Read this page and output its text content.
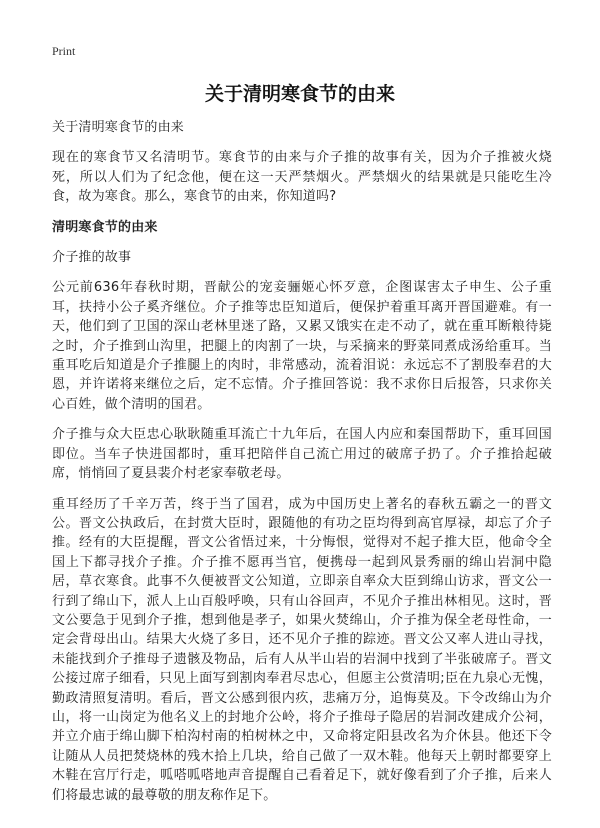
Print
关于清明寒食节的由来

关于清明寒食节的由来

现在的寒食节又名清明节。寒食节的由来与介子推的故事有关，因为介子推被火烧死，所以人们为了纪念他，便在这一天严禁烟火。严禁烟火的结果就是只能吃生冷食，故为寒食。那么，寒食节的由来，你知道吗?

清明寒食节的由来

介子推的故事

公元前636年春秋时期，晋献公的宠妾骊姬心怀歹意，企图谋害太子申生、公子重耳，扶持小公子奚齐继位。介子推等忠臣知道后，便保护着重耳离开晋国避难。有一天，他们到了卫国的深山老林里迷了路，又累又饿实在走不动了，就在重耳断粮待毙之时，介子推到山沟里，把腿上的肉割了一块，与采摘来的野菜同煮成汤给重耳。当重耳吃后知道是介子推腿上的肉时，非常感动，流着泪说：永远忘不了割股奉君的大恩，并许诺将来继位之后，定不忘情。介子推回答说：我不求你日后报答，只求你关心百姓，做个清明的国君。

介子推与众大臣忠心耿耿随重耳流亡十九年后，在国人内应和秦国帮助下，重耳回国即位。当车子快进国都时，重耳把陪伴自己流亡用过的破席子扔了。介子推拾起破席，悄悄回了夏县裴介村老家奉敬老母。

重耳经历了千辛万苦，终于当了国君，成为中国历史上著名的春秋五霸之一的晋文公。晋文公执政后，在封赏大臣时，跟随他的有功之臣均得到高官厚禄，却忘了介子推。经有的大臣提醒，晋文公省悟过来，十分悔恨，觉得对不起子推大臣，他命令全国上下都寻找介子推。介子推不愿再当官，便携母一起到风景秀丽的绵山岩洞中隐居，草衣寒食。此事不久便被晋文公知道，立即亲自率众大臣到绵山访求，晋文公一行到了绵山下，派人上山百般呼唤，只有山谷回声，不见介子推出林相见。这时，晋文公要急于见到介子推，想到他是孝子，如果火焚绵山，介子推为保全老母性命，一定会背母出山。结果大火烧了多日，还不见介子推的踪迹。晋文公又率人进山寻找，未能找到介子推母子遗骸及物品，后有人从半山岩的岩洞中找到了半张破席子。晋文公接过席子细看，只见上面写到割肉奉君尽忠心，但愿主公赏清明;臣在九泉心无愧，勤政清照复清明。看后，晋文公感到很内疚，悲痛万分，追悔莫及。下令改绵山为介山，将一山岗定为他名义上的封地介公岭，将介子推母子隐居的岩洞改建成介公祠，并立介庙于绵山脚下柏沟村南的柏树林之中，又命将定阳县改名为介休县。他还下令让随从人员把焚烧林的残木拾上几块，给自己做了一双木鞋。他每天上朝时都要穿上木鞋在宫厅行走，呱嗒呱嗒地声音提醒自己看着足下，就好像看到了介子推，后来人们将最忠诚的最尊敬的朋友称作足下。
